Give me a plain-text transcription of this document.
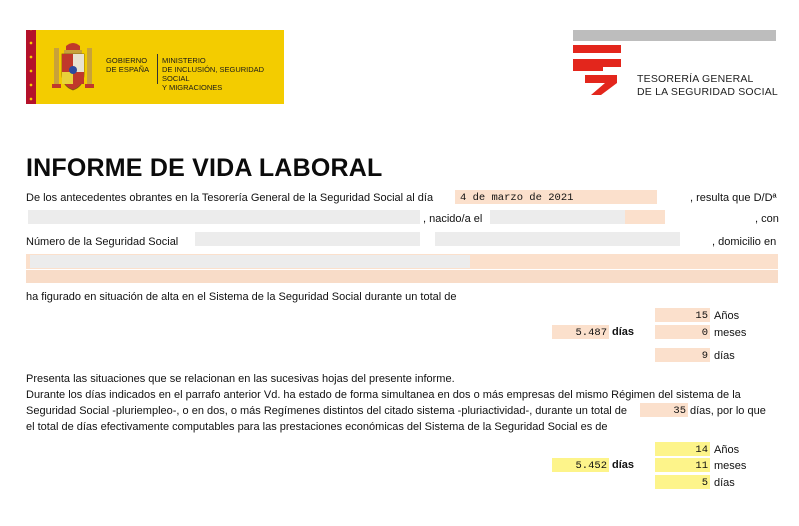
GOBIERNO
DE ESPAÑA
MINISTERIO
DE INCLUSIÓN, SEGURIDAD SOCIAL
Y MIGRACIONES
TESORERÍA GENERAL
DE LA SEGURIDAD SOCIAL
INFORME DE VIDA LABORAL
De los antecedentes obrantes en la Tesorería General de la Seguridad Social al día	4 de marzo de 2021	, resulta que D/Dª
, nacido/a el	, con
Número de la Seguridad Social	, domicilio en
ha figurado en situación de alta en el Sistema de la Seguridad Social durante un total de
15 Años
5.487 días	0 meses
9 días
Presenta las situaciones que se relacionan en las sucesivas hojas del presente informe.
Durante los días indicados en el parrafo anterior Vd. ha estado de forma simultanea en dos o más empresas del mismo Régimen del sistema de la
Seguridad Social -pluriempleo-, o en dos, o más Regímenes distintos del citado sistema -pluriactividad-, durante un total de	35 días, por lo que
el total de días efectivamente computables para las prestaciones económicas del Sistema de la Seguridad Social es de
14 Años
5.452 días	11 meses
5 días
